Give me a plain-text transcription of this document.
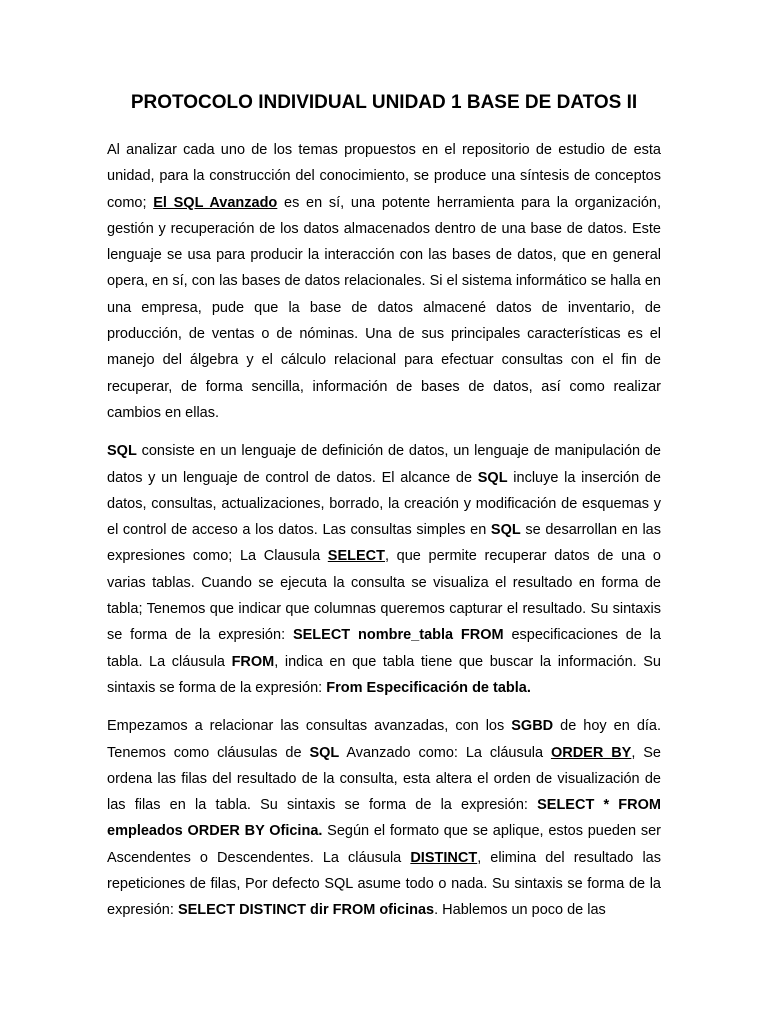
PROTOCOLO INDIVIDUAL UNIDAD 1 BASE DE DATOS II

Al analizar cada uno de los temas propuestos en el repositorio de estudio de esta unidad, para la construcción del conocimiento, se produce una síntesis de conceptos como; El SQL Avanzado es en sí, una potente herramienta para la organización, gestión y recuperación de los datos almacenados dentro de una base de datos. Este lenguaje se usa para producir la interacción con las bases de datos, que en general opera, en sí, con las bases de datos relacionales. Si el sistema informático se halla en una empresa, pude que la base de datos almacené datos de inventario, de producción, de ventas o de nóminas. Una de sus principales características es el manejo del álgebra y el cálculo relacional para efectuar consultas con el fin de recuperar, de forma sencilla, información de bases de datos, así como realizar cambios en ellas.

SQL consiste en un lenguaje de definición de datos, un lenguaje de manipulación de datos y un lenguaje de control de datos. El alcance de SQL incluye la inserción de datos, consultas, actualizaciones, borrado, la creación y modificación de esquemas y el control de acceso a los datos. Las consultas simples en SQL se desarrollan en las expresiones como; La Clausula SELECT, que permite recuperar datos de una o varias tablas. Cuando se ejecuta la consulta se visualiza el resultado en forma de tabla; Tenemos que indicar que columnas queremos capturar el resultado. Su sintaxis se forma de la expresión: SELECT nombre_tabla FROM especificaciones de la tabla. La cláusula FROM, indica en que tabla tiene que buscar la información. Su sintaxis se forma de la expresión: From Especificación de tabla.

Empezamos a relacionar las consultas avanzadas, con los SGBD de hoy en día. Tenemos como cláusulas de SQL Avanzado como: La cláusula ORDER BY, Se ordena las filas del resultado de la consulta, esta altera el orden de visualización de las filas en la tabla. Su sintaxis se forma de la expresión: SELECT * FROM empleados ORDER BY Oficina. Según el formato que se aplique, estos pueden ser Ascendentes o Descendentes. La cláusula DISTINCT, elimina del resultado las repeticiones de filas, Por defecto SQL asume todo o nada. Su sintaxis se forma de la expresión: SELECT DISTINCT dir FROM oficinas. Hablemos un poco de las
